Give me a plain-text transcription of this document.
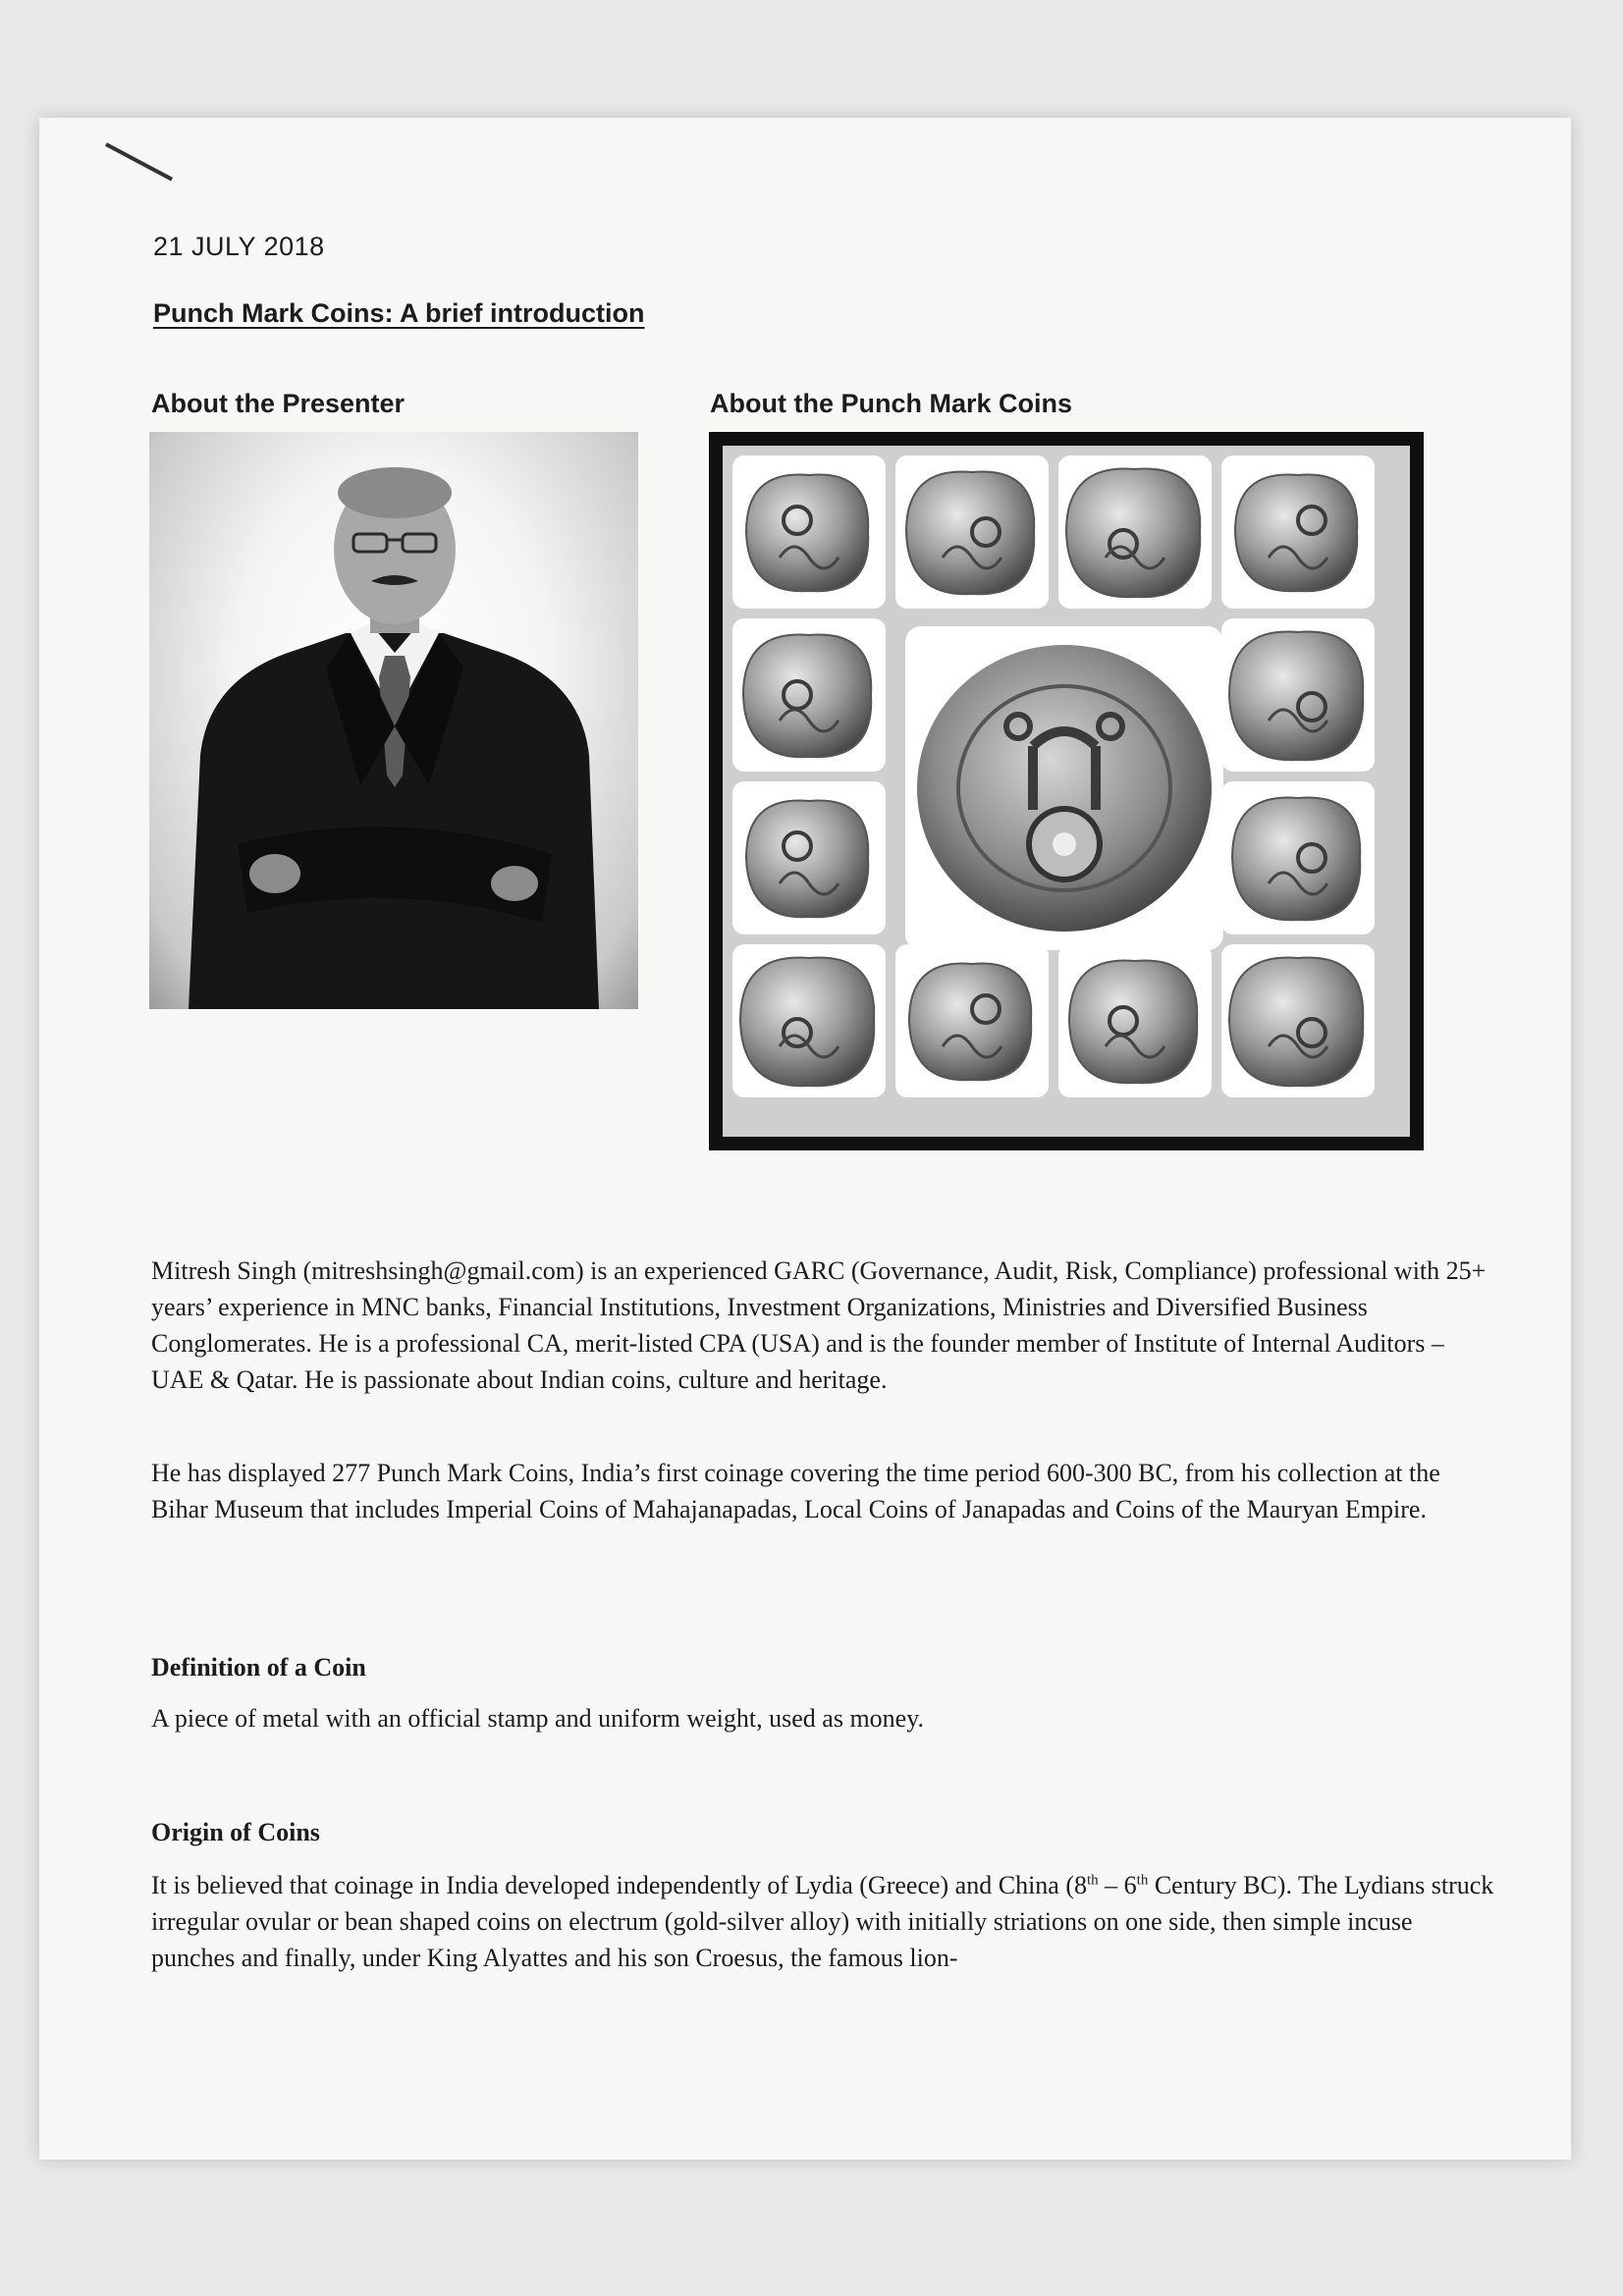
21 JULY 2018
Punch Mark Coins: A brief introduction
About the Presenter	About the Punch Mark Coins
Mitresh Singh (mitreshsingh@gmail.com) is an experienced GARC (Governance, Audit, Risk, Compliance) professional with 25+ years’ experience in MNC banks, Financial Institutions, Investment Organizations, Ministries and Diversified Business Conglomerates. He is a professional CA, merit-listed CPA (USA) and is the founder member of Institute of Internal Auditors – UAE & Qatar. He is passionate about Indian coins, culture and heritage.
He has displayed 277 Punch Mark Coins, India’s first coinage covering the time period 600-300 BC, from his collection at the Bihar Museum that includes Imperial Coins of Mahajanapadas, Local Coins of Janapadas and Coins of the Mauryan Empire.
Definition of a Coin
A piece of metal with an official stamp and uniform weight, used as money.
Origin of Coins
It is believed that coinage in India developed independently of Lydia (Greece) and China (8th – 6th Century BC). The Lydians struck irregular ovular or bean shaped coins on electrum (gold-silver alloy) with initially striations on one side, then simple incuse punches and finally, under King Alyattes and his son Croesus, the famous lion-
